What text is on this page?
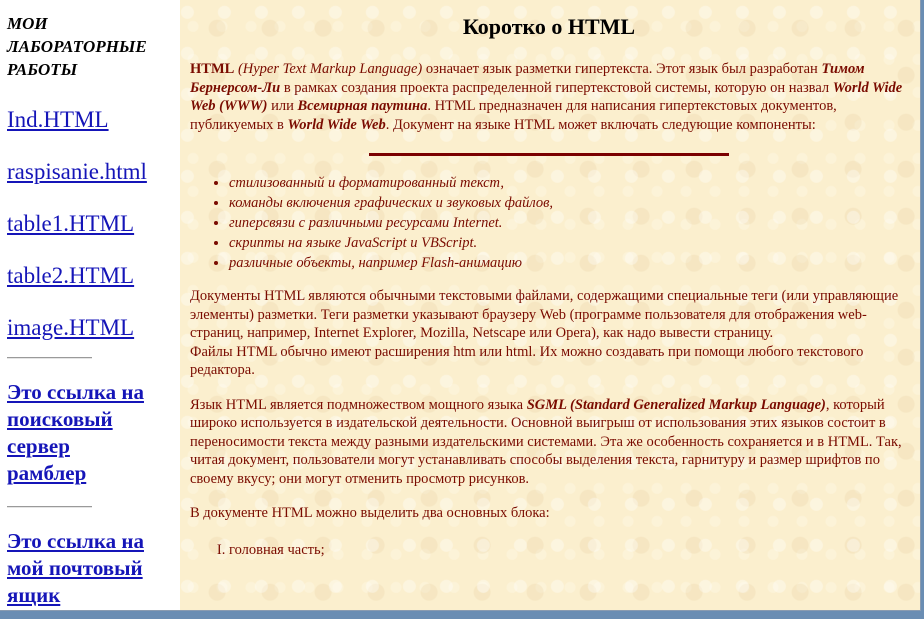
МОИ
ЛАБОРАТОРНЫЕ
РАБОТЫ
Ind.HTML
raspisanie.html
table1.HTML
table2.HTML
image.HTML
Это ссылка на
поисковый
сервер
рамблер
Это ссылка на
мой почтовый
ящик
Коротко о HTML

HTML (Hyper Text Markup Language) означает язык разметки гипертекста. Этот язык был разработан Тимом Бернерсом-Ли в рамках создания проекта распределенной гипертекстовой системы, которую он назвал World Wide Web (WWW) или Всемирная паутина. HTML предназначен для написания гипертекстовых документов, публикуемых в World Wide Web. Документ на языке HTML может включать следующие компоненты:

• стилизованный и форматированный текст,
• команды включения графических и звуковых файлов,
• гиперсвязи с различными ресурсами Internet.
• скрипты на языке JavaScript и VBScript.
• различные объекты, например Flash-анимацию

Документы HTML являются обычными текстовыми файлами, содержащими специальные теги (или управляющие элементы) разметки. Теги разметки указывают браузеру Web (программе пользователя для отображения web-страниц, например, Internet Explorer, Mozilla, Netscape или Opera), как надо вывести страницу.
Файлы HTML обычно имеют расширения htm или html. Их можно создавать при помощи любого текстового редактора.

Язык HTML является подмножеством мощного языка SGML (Standard Generalized Markup Language), который широко используется в издательской деятельности. Основной выигрыш от использования этих языков состоит в переносимости текста между разными издательскими системами. Эта же особенность сохраняется и в HTML. Так, читая документ, пользователи могут устанавливать способы выделения текста, гарнитуру и размер шрифтов по своему вкусу; они могут отменить просмотр рисунков.

В документе HTML можно выделить два основных блока:

I. головная часть;
